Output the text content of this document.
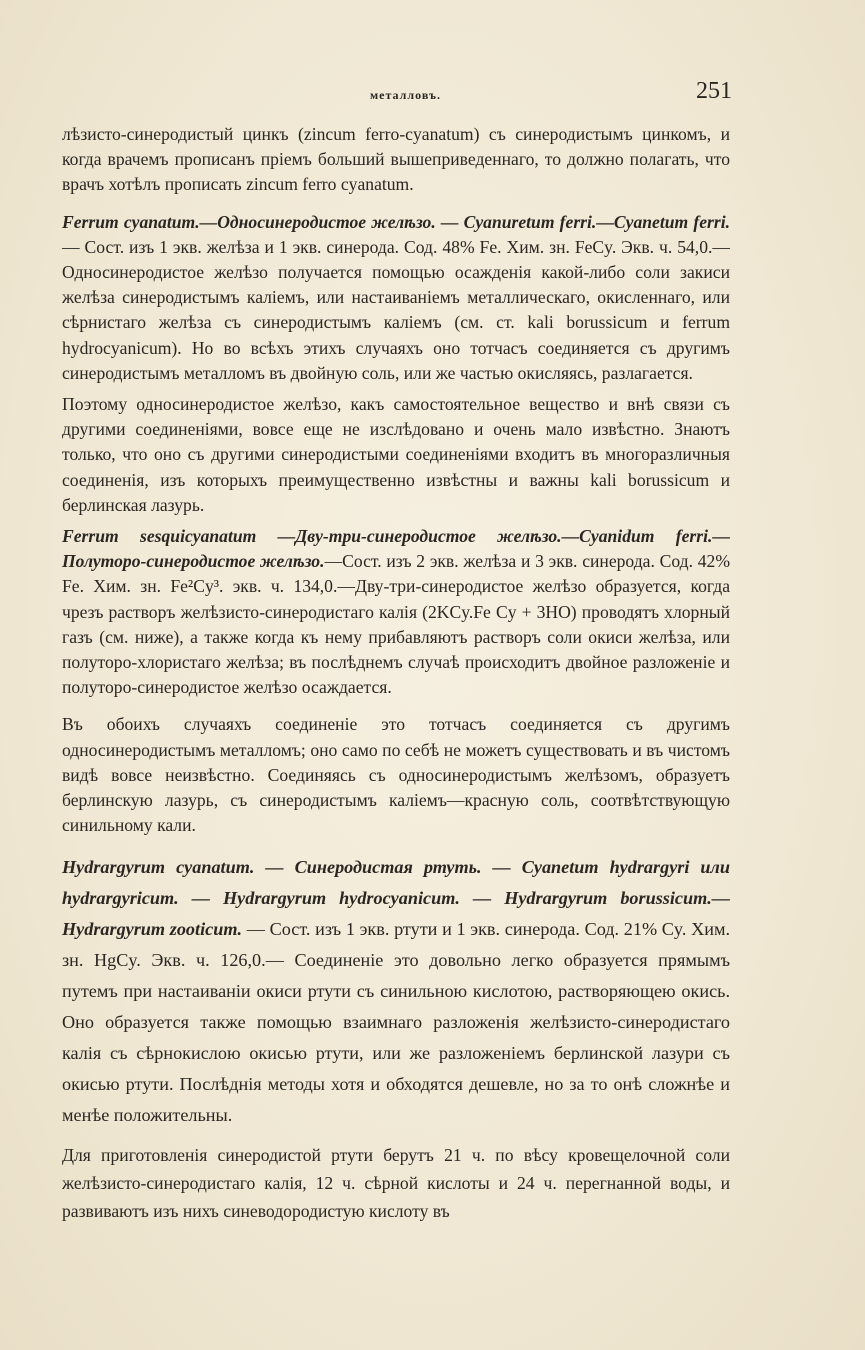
металловъ.	251

лѣзисто-синеродистый цинкъ (zincum ferro-cyanatum) съ синеродистымъ цинкомъ, и когда врачемъ прописанъ пріемъ больший вышеприведеннаго, то должно полагать, что врачъ хотѣлъ прописать zincum ferro cyanatum.

Ferrum cyanatum.—Односинеродистое желѣзо. — Cyanuretum ferri.—Cyanetum ferri. — Сост. изъ 1 экв. желѣза и 1 экв. синерода. Сод. 48% Fe. Хим. зн. FeCy. Экв. ч. 54,0.—Односинеродистое желѣзо получается помощью осажденія какой-либо соли закиси желѣза синеродистымъ каліемъ, или настаиваніемъ металлическаго, окисленнаго, или сѣрнистаго желѣза съ синеродистымъ каліемъ (см. ст. kali borussicum и ferrum hydrocyanicum). Но во всѣхъ этихъ случаяхъ оно тотчасъ соединяется съ другимъ синеродистымъ металломъ въ двойную соль, или же частью окисляясь, разлагается.

Поэтому односинеродистое желѣзо, какъ самостоятельное вещество и внѣ связи съ другими соединеніями, вовсе еще не изслѣдовано и очень мало извѣстно. Знаютъ только, что оно съ другими синеродистыми соединеніями входитъ въ многоразличныя соединенія, изъ которыхъ преимущественно извѣстны и важны kali borussicum и берлинская лазурь.

Ferrum sesquicyanatum —Дву-три-синеродистое желѣзо.—Cyanidum ferri.—Полуторо-синеродистое желѣзо.—Сост. изъ 2 экв. желѣза и 3 экв. синерода. Сод. 42% Fe. Хим. зн. Fe²Cy³. экв. ч. 134,0.—Дву-три-синеродистое желѣзо образуется, когда чрезъ растворъ желѣзисто-синеродистаго калія (2KCy.Fe Cy + 3HO) проводятъ хлорный газъ (см. ниже), а также когда къ нему прибавляютъ растворъ соли окиси желѣза, или полуторо-хлористаго желѣза; въ послѣднемъ случаѣ происходитъ двойное разложеніе и полуторо-синеродистое желѣзо осаждается.

Въ обоихъ случаяхъ соединеніе это тотчасъ соединяется съ другимъ односинеродистымъ металломъ; оно само по себѣ не можетъ существовать и въ чистомъ видѣ вовсе неизвѣстно. Соединяясь съ односинеродистымъ желѣзомъ, образуетъ берлинскую лазурь, съ синеродистымъ каліемъ—красную соль, соотвѣтствующую синильному кали.

Hydrargyrum cyanatum. — Синеродистая ртуть. — Cyanetum hydrargyri или hydrargyricum. — Hydrargyrum hydrocyanicum. — Hydrargyrum borussicum.—Hydrargyrum zooticum. — Сост. изъ 1 экв. ртути и 1 экв. синерода. Сод. 21% Cy. Хим. зн. HgCy. Экв. ч. 126,0.— Соединеніе это довольно легко образуется прямымъ путемъ при настаиваніи окиси ртути съ синильною кислотою, растворяющею окись. Оно образуется также помощью взаимнаго разложенія желѣзисто-синеродистаго калія съ сѣрнокислою окисью ртути, или же разложеніемъ берлинской лазури съ окисью ртути. Послѣднія методы хотя и обходятся дешевле, но за то онѣ сложнѣе и менѣе положительны.

Для приготовленія синеродистой ртути берутъ 21 ч. по вѣсу кровещелочной соли желѣзисто-синеродистаго калія, 12 ч. сѣрной кислоты и 24 ч. перегнанной воды, и развиваютъ изъ нихъ синеводородистую кислоту въ
